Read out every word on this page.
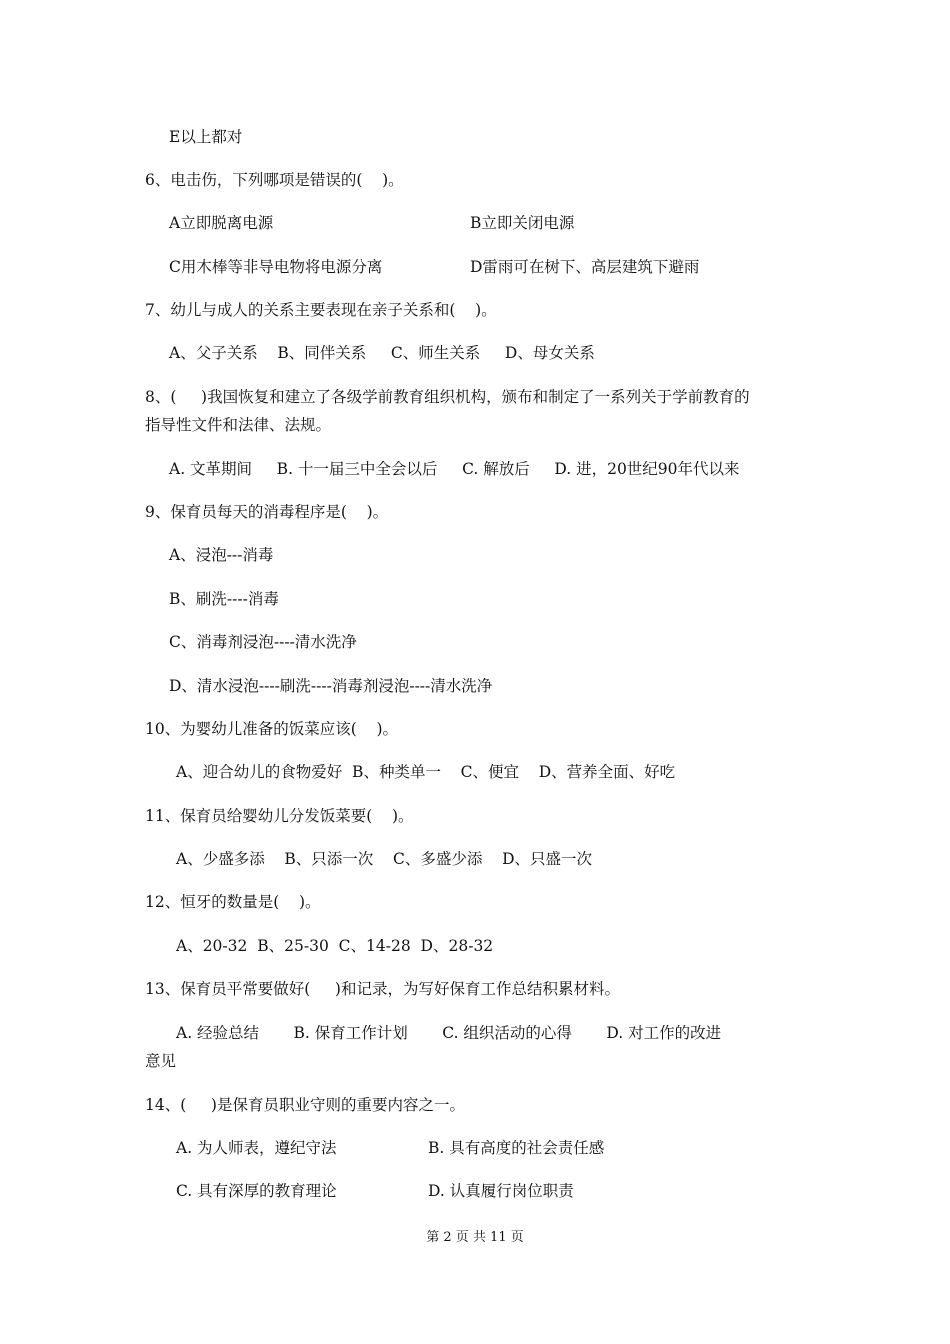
E以上都对
6、电击伤，下列哪项是错误的(    )。
A立即脱离电源	B立即关闭电源
C用木棒等非导电物将电源分离	D雷雨可在树下、高层建筑下避雨
7、幼儿与成人的关系主要表现在亲子关系和(    )。
A、父子关系    B、同伴关系     C、师生关系     D、母女关系
8、(     )我国恢复和建立了各级学前教育组织机构，颁布和制定了一系列关于学前教育的
指导性文件和法律、法规。
A. 文革期间     B. 十一届三中全会以后     C. 解放后     D. 进，20世纪90年代以来
9、保育员每天的消毒程序是(    )。
A、浸泡---消毒
B、刷洗----消毒
C、消毒剂浸泡----清水洗净
D、清水浸泡----刷洗----消毒剂浸泡----清水洗净
10、为婴幼儿准备的饭菜应该(    )。
A、迎合幼儿的食物爱好  B、种类单一    C、便宜    D、营养全面、好吃
11、保育员给婴幼儿分发饭菜要(    )。
A、少盛多添    B、只添一次    C、多盛少添    D、只盛一次
12、恒牙的数量是(    )。
A、20-32  B、25-30  C、14-28  D、28-32
13、保育员平常要做好(     )和记录，为写好保育工作总结积累材料。
A. 经验总结       B. 保育工作计划       C. 组织活动的心得       D. 对工作的改进
意见
14、(     )是保育员职业守则的重要内容之一。
A. 为人师表，遵纪守法	B. 具有高度的社会责任感
C. 具有深厚的教育理论	D. 认真履行岗位职责
第 2 页 共 11 页
